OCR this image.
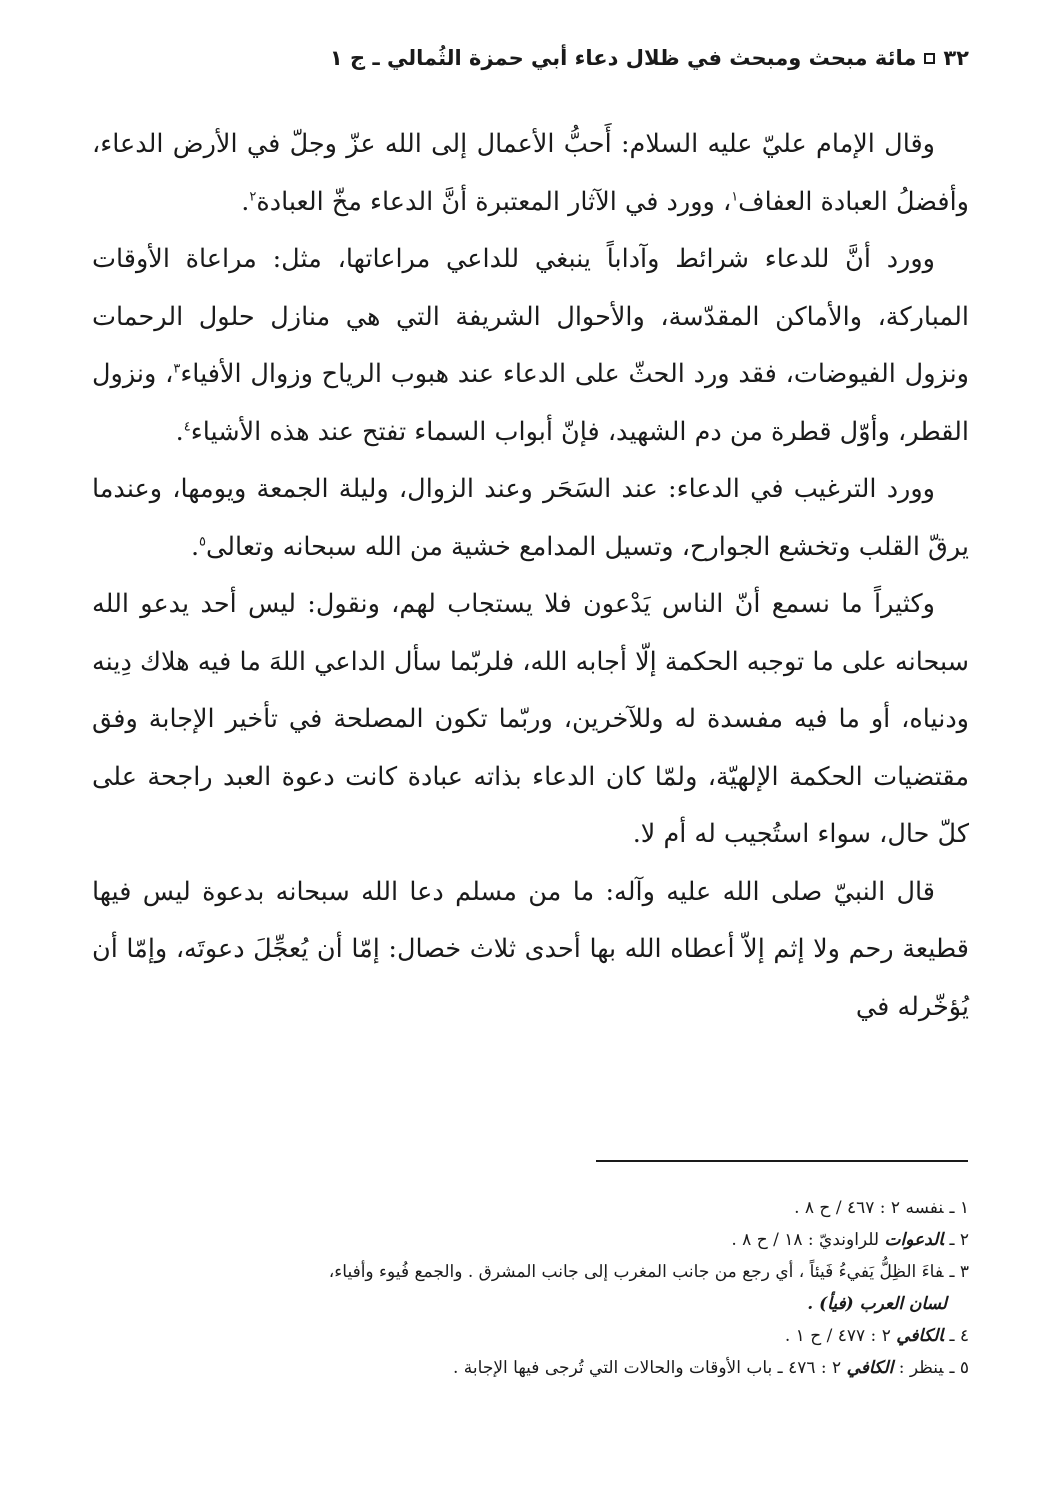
٣٢
مائة مبحث ومبحث في ظلال دعاء أبي حمزة الثُمالي ـ ج ١

وقال الإمام عليّ عليه السلام: أَحبُّ الأعمال إلى الله عزّ وجلّ في الأرض الدعاء، وأفضلُ العبادة العفاف$^١$، وورد في الآثار المعتبرة أنَّ الدعاء مخّ العبادة$^٢$.

وورد أنَّ للدعاء شرائط وآداباً ينبغي للداعي مراعاتها، مثل: مراعاة الأوقات المباركة، والأماكن المقدّسة، والأحوال الشريفة التي هي منازل حلول الرحمات ونزول الفيوضات، فقد ورد الحثّ على الدعاء عند هبوب الرياح وزوال الأفياء$^٣$، ونزول القطر، وأوّل قطرة من دم الشهيد، فإنّ أبواب السماء تفتح عند هذه الأشياء$^٤$.

وورد الترغيب في الدعاء: عند السَحَر وعند الزوال، وليلة الجمعة ويومها، وعندما يرقّ القلب وتخشع الجوارح، وتسيل المدامع خشية من الله سبحانه وتعالى$^٥$.

وكثيراً ما نسمع أنّ الناس يَدْعون فلا يستجاب لهم، ونقول: ليس أحد يدعو الله سبحانه على ما توجبه الحكمة إلّا أجابه الله، فلربّما سأل الداعي اللهَ ما فيه هلاك دِينه ودنياه، أو ما فيه مفسدة له وللآخرين، وربّما تكون المصلحة في تأخير الإجابة وفق مقتضيات الحكمة الإلهيّة، ولمّا كان الدعاء بذاته عبادة كانت دعوة العبد راجحة على كلّ حال، سواء استُجيب له أم لا.

قال النبيّ صلى الله عليه وآله: ما من مسلم دعا الله سبحانه بدعوة ليس فيها قطيعة رحم ولا إثم إلاّ أعطاه الله بها أحدى ثلاث خصال: إمّا أن يُعجِّلَ دعوتَه، وإمّا أن يُؤخّرله في

١ ـنفسه ٢ : ٤٦٧ / ح ٨ .

٢ ـالدعوات للراونديّ : ١٨ / ح ٨ .

٣ ـفاءَ الظِلُّ يَفيءُ فَيئاً ، أي رجع من جانب المغرب إلى جانب المشرق . والجمع فُيوء وأفياء،
لسان العرب (فيأ) .

٤ ـالكافي ٢ : ٤٧٧ / ح ١ .

٥ ـينظر : الكافي ٢ : ٤٧٦ ـ باب الأوقات والحالات التي تُرجى فيها الإجابة .
